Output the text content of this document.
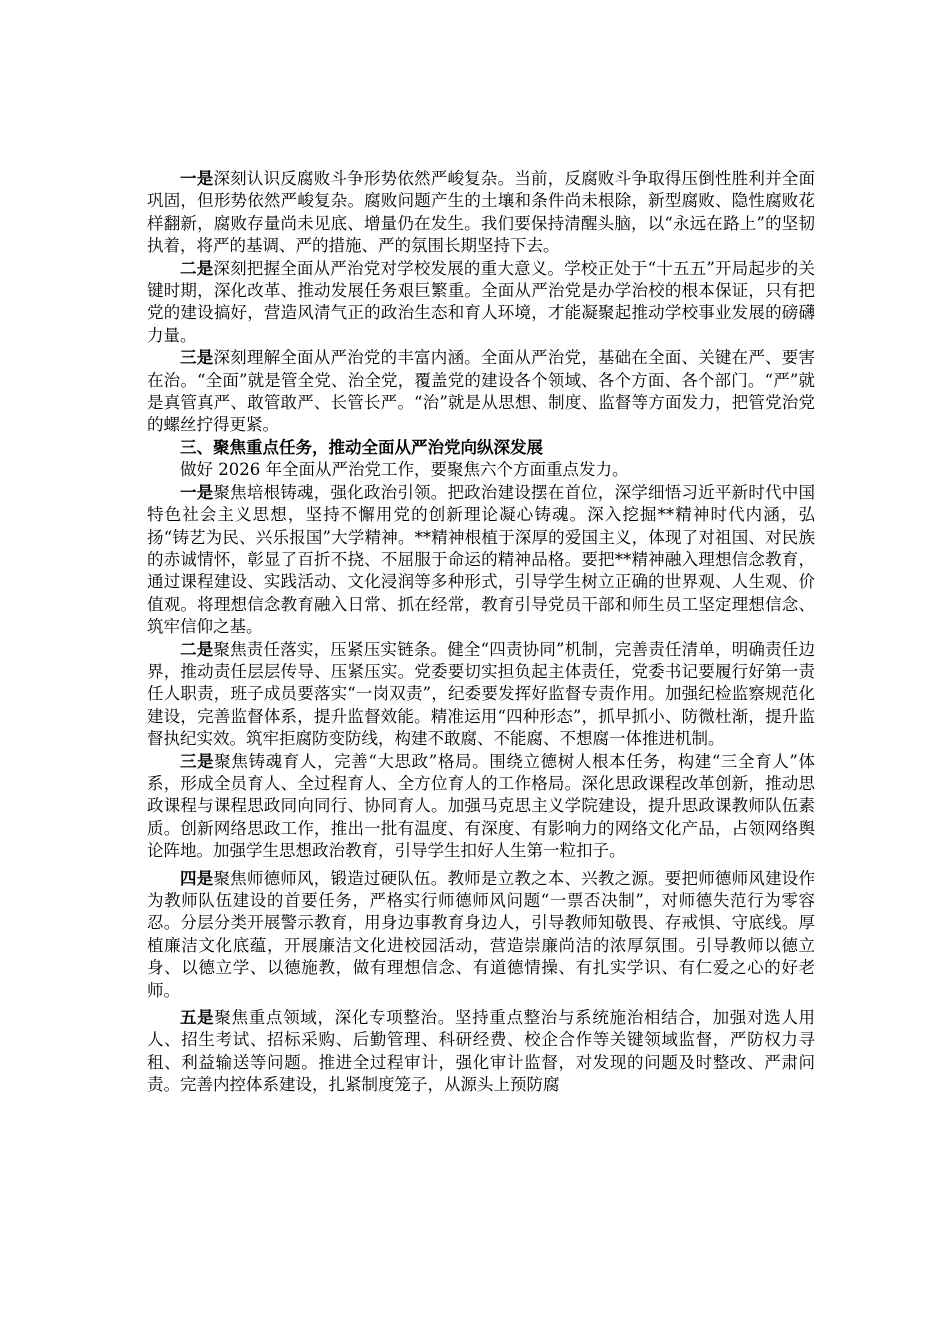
一是深刻认识反腐败斗争形势依然严峻复杂。当前，反腐败斗争取得压倒性胜利并全面巩固，但形势依然严峻复杂。腐败问题产生的土壤和条件尚未根除，新型腐败、隐性腐败花样翻新，腐败存量尚未见底、增量仍在发生。我们要保持清醒头脑，以“永远在路上”的坚韧执着，将严的基调、严的措施、严的氛围长期坚持下去。

二是深刻把握全面从严治党对学校发展的重大意义。学校正处于“十五五”开局起步的关键时期，深化改革、推动发展任务艰巨繁重。全面从严治党是办学治校的根本保证，只有把党的建设搞好，营造风清气正的政治生态和育人环境，才能凝聚起推动学校事业发展的磅礴力量。

三是深刻理解全面从严治党的丰富内涵。全面从严治党，基础在全面、关键在严、要害在治。“全面”就是管全党、治全党，覆盖党的建设各个领域、各个方面、各个部门。“严”就是真管真严、敢管敢严、长管长严。“治”就是从思想、制度、监督等方面发力，把管党治党的螺丝拧得更紧。

三、聚焦重点任务，推动全面从严治党向纵深发展

做好 2026 年全面从严治党工作，要聚焦六个方面重点发力。

一是聚焦培根铸魂，强化政治引领。把政治建设摆在首位，深学细悟习近平新时代中国特色社会主义思想，坚持不懈用党的创新理论凝心铸魂。深入挖掘**精神时代内涵，弘扬“铸艺为民、兴乐报国”大学精神。**精神根植于深厚的爱国主义，体现了对祖国、对民族的赤诚情怀，彰显了百折不挠、不屈服于命运的精神品格。要把**精神融入理想信念教育，通过课程建设、实践活动、文化浸润等多种形式，引导学生树立正确的世界观、人生观、价值观。将理想信念教育融入日常、抓在经常，教育引导党员干部和师生员工坚定理想信念、筑牢信仰之基。

二是聚焦责任落实，压紧压实链条。健全“四责协同”机制，完善责任清单，明确责任边界，推动责任层层传导、压紧压实。党委要切实担负起主体责任，党委书记要履行好第一责任人职责，班子成员要落实“一岗双责”，纪委要发挥好监督专责作用。加强纪检监察规范化建设，完善监督体系，提升监督效能。精准运用“四种形态”，抓早抓小、防微杜渐，提升监督执纪实效。筑牢拒腐防变防线，构建不敢腐、不能腐、不想腐一体推进机制。

三是聚焦铸魂育人，完善“大思政”格局。围绕立德树人根本任务，构建“三全育人”体系，形成全员育人、全过程育人、全方位育人的工作格局。深化思政课程改革创新，推动思政课程与课程思政同向同行、协同育人。加强马克思主义学院建设，提升思政课教师队伍素质。创新网络思政工作，推出一批有温度、有深度、有影响力的网络文化产品，占领网络舆论阵地。加强学生思想政治教育，引导学生扣好人生第一粒扣子。

四是聚焦师德师风，锻造过硬队伍。教师是立教之本、兴教之源。要把师德师风建设作为教师队伍建设的首要任务，严格实行师德师风问题“一票否决制”，对师德失范行为零容忍。分层分类开展警示教育，用身边事教育身边人，引导教师知敬畏、存戒惧、守底线。厚植廉洁文化底蕴，开展廉洁文化进校园活动，营造崇廉尚洁的浓厚氛围。引导教师以德立身、以德立学、以德施教，做有理想信念、有道德情操、有扎实学识、有仁爱之心的好老师。

五是聚焦重点领域，深化专项整治。坚持重点整治与系统施治相结合，加强对选人用人、招生考试、招标采购、后勤管理、科研经费、校企合作等关键领域监督，严防权力寻租、利益输送等问题。推进全过程审计，强化审计监督，对发现的问题及时整改、严肃问责。完善内控体系建设，扎紧制度笼子，从源头上预防腐
